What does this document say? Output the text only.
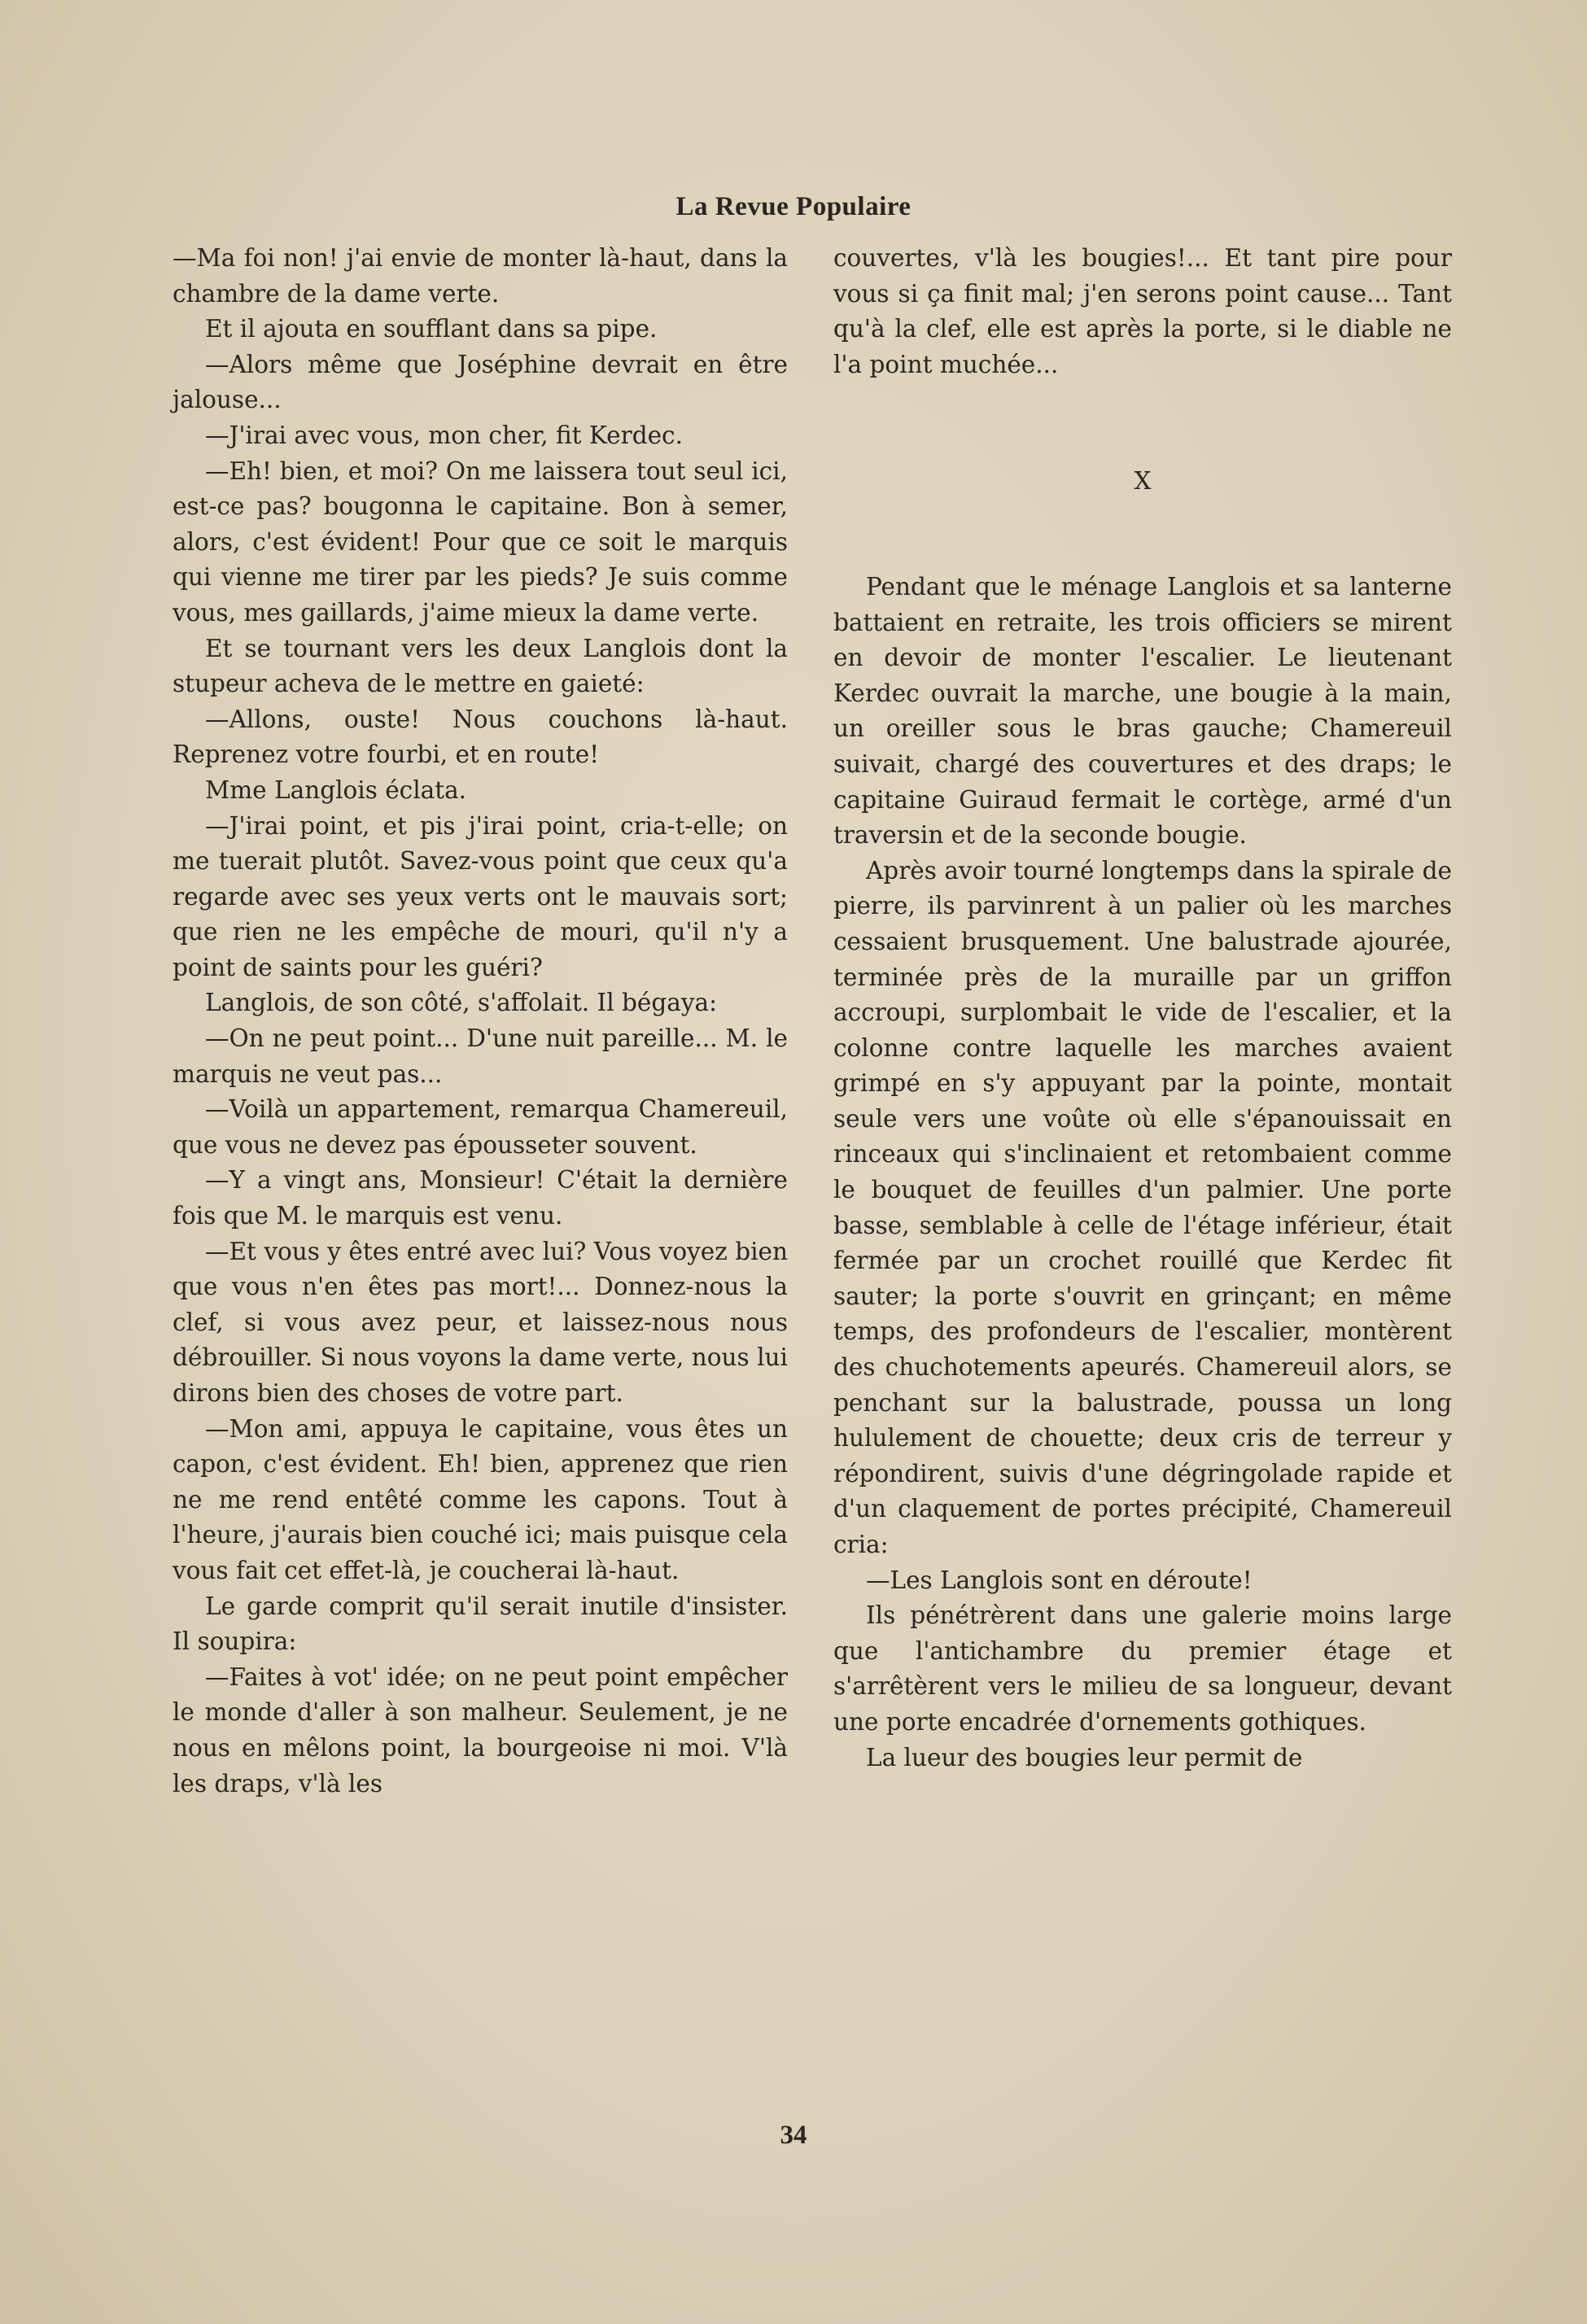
La Revue Populaire

—Ma foi non! j'ai envie de monter là-haut, dans la chambre de la dame verte.

Et il ajouta en soufflant dans sa pipe.

—Alors même que Joséphine devrait en être jalouse...

—J'irai avec vous, mon cher, fit Kerdec.

—Eh! bien, et moi? On me laissera tout seul ici, est-ce pas? bougonna le capitaine. Bon à semer, alors, c'est évident! Pour que ce soit le marquis qui vienne me tirer par les pieds? Je suis comme vous, mes gaillards, j'aime mieux la dame verte.

Et se tournant vers les deux Langlois dont la stupeur acheva de le mettre en gaieté:

—Allons, ouste! Nous couchons là-haut. Reprenez votre fourbi, et en route!

Mme Langlois éclata.

—J'irai point, et pis j'irai point, cria-t-elle; on me tuerait plutôt. Savez-vous point que ceux qu'a regarde avec ses yeux verts ont le mauvais sort; que rien ne les empêche de mouri, qu'il n'y a point de saints pour les guéri?

Langlois, de son côté, s'affolait. Il bégaya:

—On ne peut point... D'une nuit pareille... M. le marquis ne veut pas...

—Voilà un appartement, remarqua Chamereuil, que vous ne devez pas épousseter souvent.

—Y a vingt ans, Monsieur! C'était la dernière fois que M. le marquis est venu.

—Et vous y êtes entré avec lui? Vous voyez bien que vous n'en êtes pas mort!... Donnez-nous la clef, si vous avez peur, et laissez-nous nous débrouiller. Si nous voyons la dame verte, nous lui dirons bien des choses de votre part.

—Mon ami, appuya le capitaine, vous êtes un capon, c'est évident. Eh! bien, apprenez que rien ne me rend entêté comme les capons. Tout à l'heure, j'aurais bien couché ici; mais puisque cela vous fait cet effet-là, je coucherai là-haut.

Le garde comprit qu'il serait inutile d'insister. Il soupira:

—Faites à vot' idée; on ne peut point empêcher le monde d'aller à son malheur. Seulement, je ne nous en mêlons point, la bourgeoise ni moi. V'là les draps, v'là les

couvertes, v'là les bougies!... Et tant pire pour vous si ça finit mal; j'en serons point cause... Tant qu'à la clef, elle est après la porte, si le diable ne l'a point muchée...

X

Pendant que le ménage Langlois et sa lanterne battaient en retraite, les trois officiers se mirent en devoir de monter l'escalier. Le lieutenant Kerdec ouvrait la marche, une bougie à la main, un oreiller sous le bras gauche; Chamereuil suivait, chargé des couvertures et des draps; le capitaine Guiraud fermait le cortège, armé d'un traversin et de la seconde bougie.

Après avoir tourné longtemps dans la spirale de pierre, ils parvinrent à un palier où les marches cessaient brusquement. Une balustrade ajourée, terminée près de la muraille par un griffon accroupi, surplombait le vide de l'escalier, et la colonne contre laquelle les marches avaient grimpé en s'y appuyant par la pointe, montait seule vers une voûte où elle s'épanouissait en rinceaux qui s'inclinaient et retombaient comme le bouquet de feuilles d'un palmier. Une porte basse, semblable à celle de l'étage inférieur, était fermée par un crochet rouillé que Kerdec fit sauter; la porte s'ouvrit en grinçant; en même temps, des profondeurs de l'escalier, montèrent des chuchotements apeurés. Chamereuil alors, se penchant sur la balustrade, poussa un long hululement de chouette; deux cris de terreur y répondirent, suivis d'une dégringolade rapide et d'un claquement de portes précipité, Chamereuil cria:

—Les Langlois sont en déroute!

Ils pénétrèrent dans une galerie moins large que l'antichambre du premier étage et s'arrêtèrent vers le milieu de sa longueur, devant une porte encadrée d'ornements gothiques.

La lueur des bougies leur permit de

34
